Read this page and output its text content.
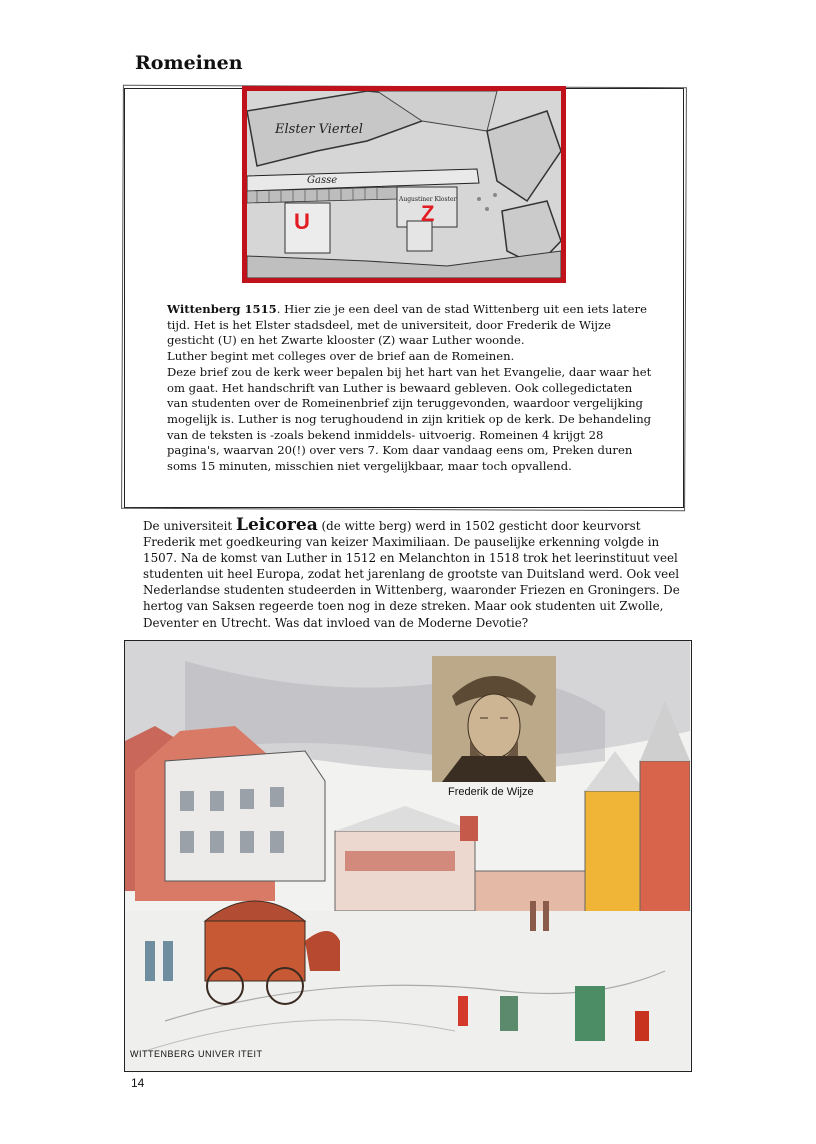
Romeinen
Elster Viertel
Gasse
Augustiner Kloster
U	Z

Wittenberg 1515. Hier zie je een deel van de stad Wittenberg uit een iets latere tijd. Het is het Elster stadsdeel, met de universiteit, door Frederik de Wijze gesticht (U) en het Zwarte klooster (Z) waar Luther woonde.

Luther begint met colleges over de brief aan de Romeinen.

Deze brief zou de kerk weer bepalen bij het hart van het Evangelie, daar waar het om gaat. Het handschrift van Luther is bewaard gebleven. Ook collegedictaten van studenten over de Romeinenbrief zijn teruggevonden, waardoor vergelijking mogelijk is. Luther is nog terughoudend in zijn kritiek op de kerk. De behandeling van de teksten is -zoals bekend inmiddels- uitvoerig. Romeinen 4 krijgt 28 pagina's, waarvan 20(!) over vers 7. Kom daar vandaag eens om, Preken duren soms 15 minuten, misschien niet vergelijkbaar, maar toch opvallend.

De universiteit Leicorea (de witte berg) werd in 1502 gesticht door keurvorst Frederik met goedkeuring van keizer Maximiliaan. De pauselijke erkenning volgde in 1507. Na de komst van Luther in 1512 en Melanchton in 1518 trok het leerinstituut veel studenten uit heel Europa, zodat het jarenlang de grootste van Duitsland werd. Ook veel Nederlandse studenten studeerden in Wittenberg, waaronder Friezen en Groningers. De hertog van Saksen regeerde toen nog in deze streken. Maar ook studenten uit Zwolle, Deventer en Utrecht. Was dat invloed van de Moderne Devotie?

Frederik de Wijze
WITTENBERG UNIVER ITEIT
14
